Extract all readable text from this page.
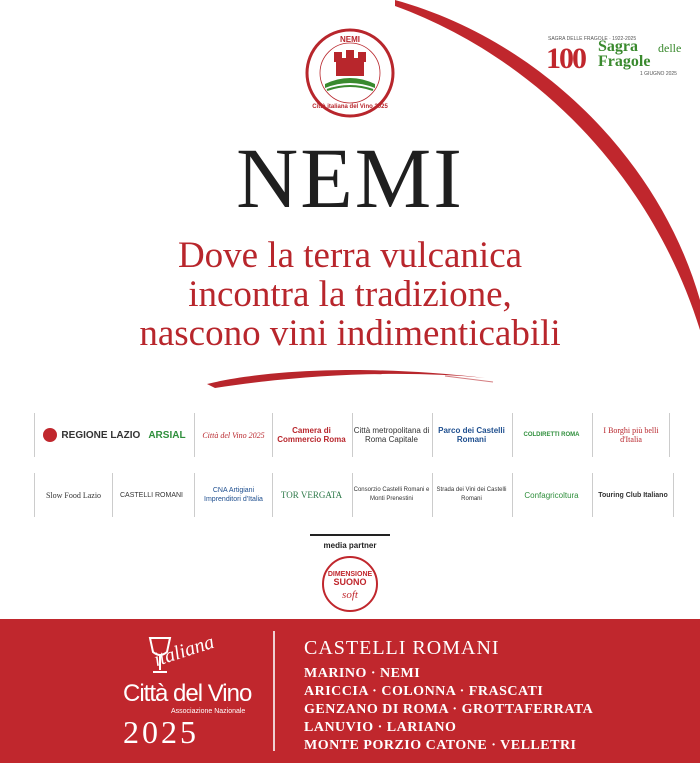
NEMI
Città italiana del Vino 2025
SAGRA DELLE FRAGOLE · 1922-2025
100 Sagra delle
Fragole
1 GIUGNO 2025
NEMI
Dove la terra vulcanica
incontra la tradizione,
nascono vini indimenticabili
REGIONE LAZIO ARSIAL Città del Vino 2025	Camera di Commercio Roma
Città metropolitana di Roma Capitale
Parco dei Castelli Romani
COLDIRETTI ROMA	I Borghi più belli d'Italia
Slow Food Lazio	CASTELLI ROMANI
CNA Artigiani Imprenditori d'Italia	TOR VERGATA Consorzio Castelli Romani e Monti Prenestini
Strada dei Vini dei Castelli Romani	Confagricoltura	Touring Club Italiano
media partner
DIMENSIONE
SUONO
soft
italiana
Città del Vino
Associazione Nazionale
2025
CASTELLI ROMANI
MARINO · NEMI
ARICCIA · COLONNA · FRASCATI
GENZANO DI ROMA · GROTTAFERRATA
LANUVIO · LARIANO
MONTE PORZIO CATONE · VELLETRI
